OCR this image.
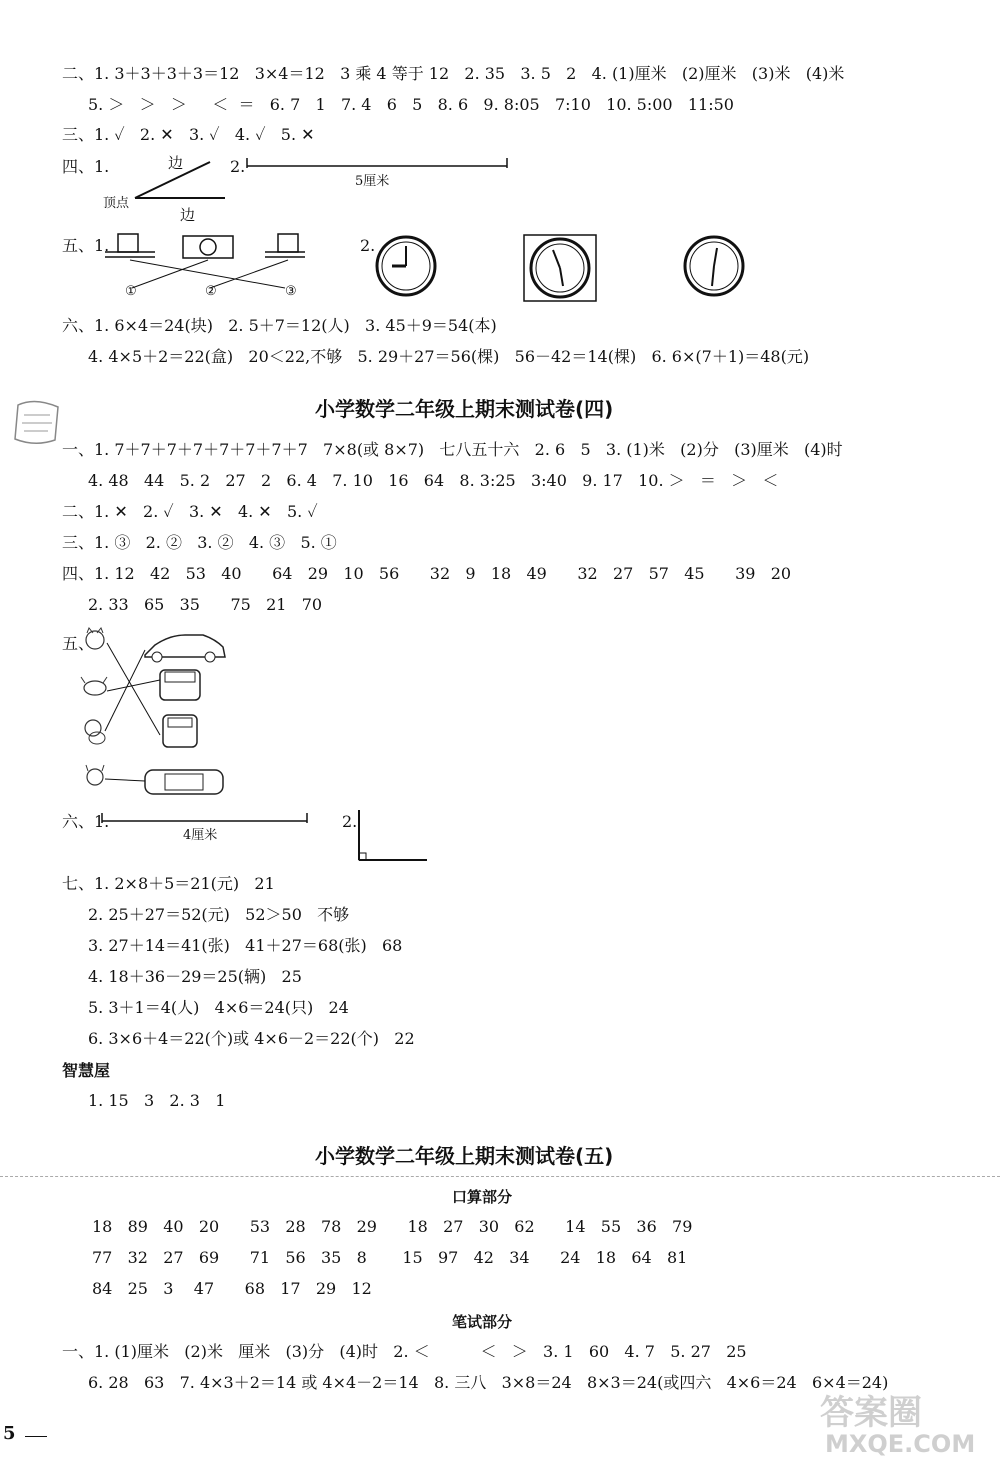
二、1. 3＋3＋3＋3＝12   3×4＝12   3 乘 4 等于 12   2. 35   3. 5   2   4. (1)厘米   (2)厘米   (3)米   (4)米
5. ＞   ＞   ＞     ＜  ＝   6. 7   1   7. 4   6   5   8. 6   9. 8:05   7:10   10. 5:00   11:50
三、1. ✓   2. ✕   3. ✓   4. ✓   5. ✕
四、1.	边
顶点
边
2.
5厘米
五、1.
①	②	③
2.
六、1. 6×4＝24(块)   2. 5＋7＝12(人)   3. 45＋9＝54(本)
4. 4×5＋2＝22(盒)   20＜22,不够   5. 29＋27＝56(棵)   56－42＝14(棵)   6. 6×(7＋1)＝48(元)
小学数学二年级上期末测试卷(四)
一、1. 7＋7＋7＋7＋7＋7＋7＋7   7×8(或 8×7)   七八五十六   2. 6   5   3. (1)米   (2)分   (3)厘米   (4)时
4. 48   44   5. 2   27   2   6. 4   7. 10   16   64   8. 3:25   3:40   9. 17   10. ＞   ＝   ＞   ＜
二、1. ✕   2. ✓   3. ✕   4. ✕   5. ✓
三、1. ③   2. ②   3. ②   4. ③   5. ①
四、1. 12   42   53   40      64   29   10   56      32   9   18   49      32   27   57   45      39   20
2. 33   65   35      75   21   70
五、
六、1.
4厘米
2.
七、1. 2×8＋5＝21(元)   21
2. 25＋27＝52(元)   52＞50   不够
3. 27＋14＝41(张)   41＋27＝68(张)   68
4. 18＋36－29＝25(辆)   25
5. 3＋1＝4(人)   4×6＝24(只)   24
6. 3×6＋4＝22(个)或 4×6－2＝22(个)   22
智慧屋
1. 15   3   2. 3   1
小学数学二年级上期末测试卷(五)
口算部分
18   89   40   20      53   28   78   29      18   27   30   62      14   55   36   79
77   32   27   69      71   56   35   8       15   97   42   34      24   18   64   81
84   25   3    47      68   17   29   12
笔试部分
一、1. (1)厘米   (2)米   厘米   (3)分   (4)时   2. ＜          ＜   ＞   3. 1   60   4. 7   5. 27   25
6. 28   63   7. 4×3＋2＝14 或 4×4－2＝14   8. 三八   3×8＝24   8×3＝24(或四六   4×6＝24   6×4＝24)
5
答案圈
MXQE.COM
